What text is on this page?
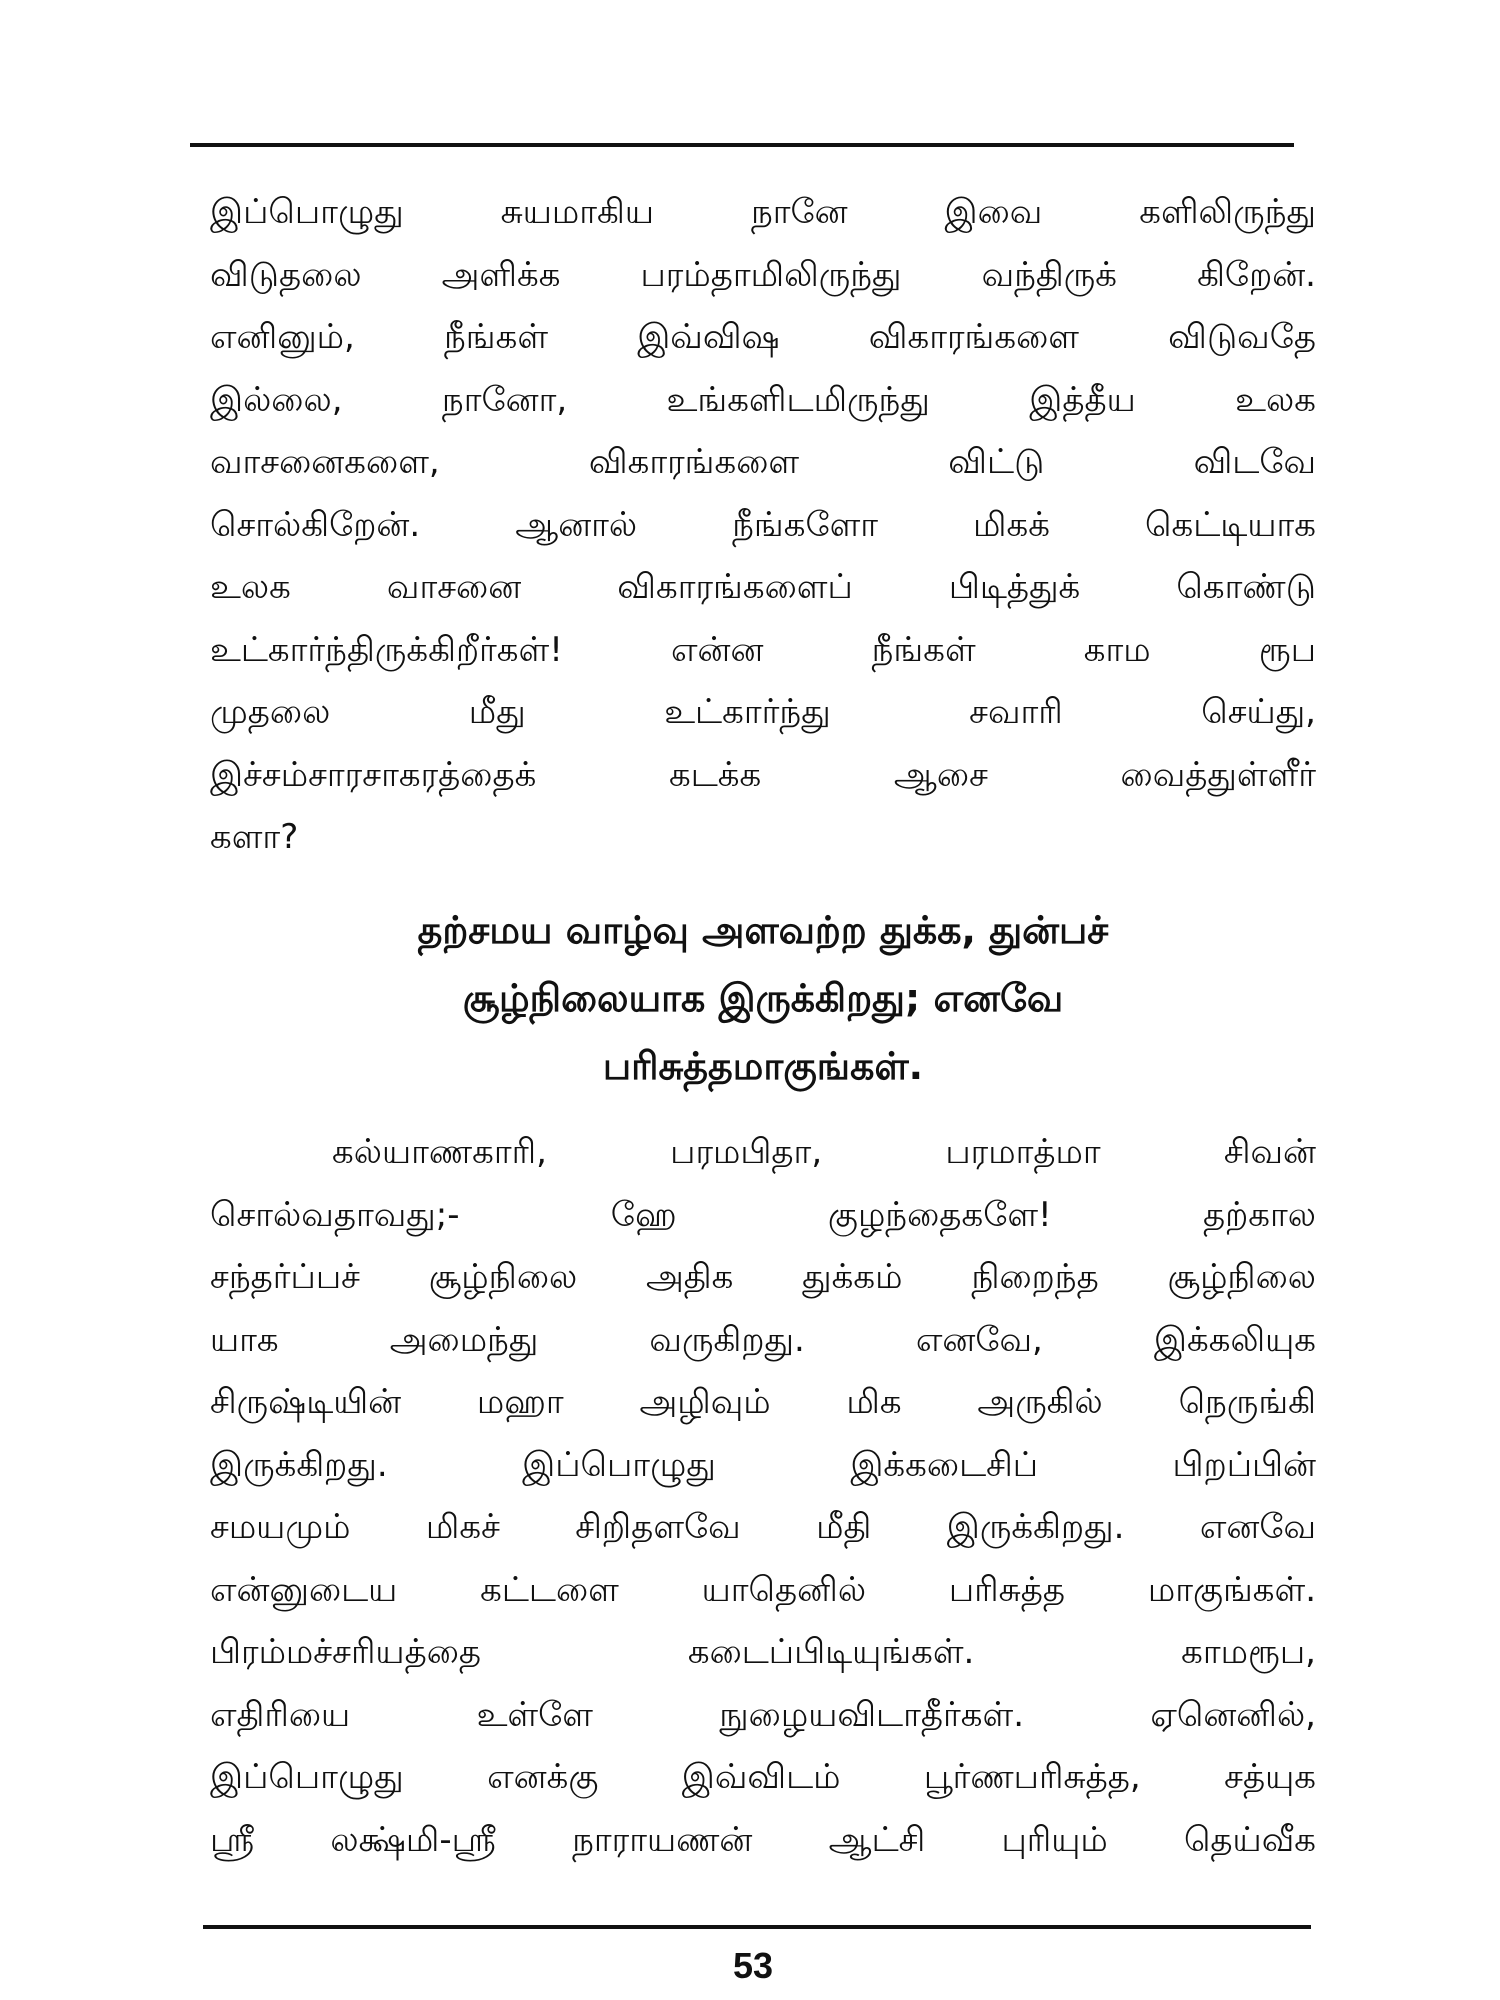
இப்பொழுது சுயமாகிய நானே இவை களிலிருந்து
விடுதலை அளிக்க பரம்தாமிலிருந்து வந்திருக் கிறேன்.
எனினும், நீங்கள் இவ்விஷ விகாரங்களை விடுவதே
இல்லை, நானோ, உங்களிடமிருந்து இத்தீய உலக
வாசனைகளை, விகாரங்களை விட்டு விடவே
சொல்கிறேன். ஆனால் நீங்களோ மிகக் கெட்டியாக
உலக வாசனை விகாரங்களைப் பிடித்துக் கொண்டு
உட்கார்ந்திருக்கிறீர்கள்! என்ன நீங்கள் காம ரூப
முதலை மீது உட்கார்ந்து சவாரி செய்து,
இச்சம்சாரசாகரத்தைக் கடக்க ஆசை வைத்துள்ளீர்
களா?
தற்சமய வாழ்வு அளவற்ற துக்க, துன்பச்
சூழ்நிலையாக இருக்கிறது; எனவே
பரிசுத்தமாகுங்கள்.
கல்யாணகாரி, பரமபிதா, பரமாத்மா சிவன்
சொல்வதாவது;- ஹே குழந்தைகளே! தற்கால
சந்தர்ப்பச் சூழ்நிலை அதிக துக்கம் நிறைந்த சூழ்நிலை
யாக அமைந்து வருகிறது. எனவே, இக்கலியுக
சிருஷ்டியின் மஹா அழிவும் மிக அருகில் நெருங்கி
இருக்கிறது. இப்பொழுது இக்கடைசிப் பிறப்பின்
சமயமும் மிகச் சிறிதளவே மீதி இருக்கிறது. எனவே
என்னுடைய கட்டளை யாதெனில் பரிசுத்த மாகுங்கள்.
பிரம்மச்சரியத்தை கடைப்பிடியுங்கள். காமரூப,
எதிரியை உள்ளே நுழையவிடாதீர்கள். ஏனெனில்,
இப்பொழுது எனக்கு இவ்விடம் பூர்ணபரிசுத்த, சத்யுக
ஸ்ரீ லக்ஷ்மி-ஸ்ரீ நாராயணன் ஆட்சி புரியும் தெய்வீக
53
